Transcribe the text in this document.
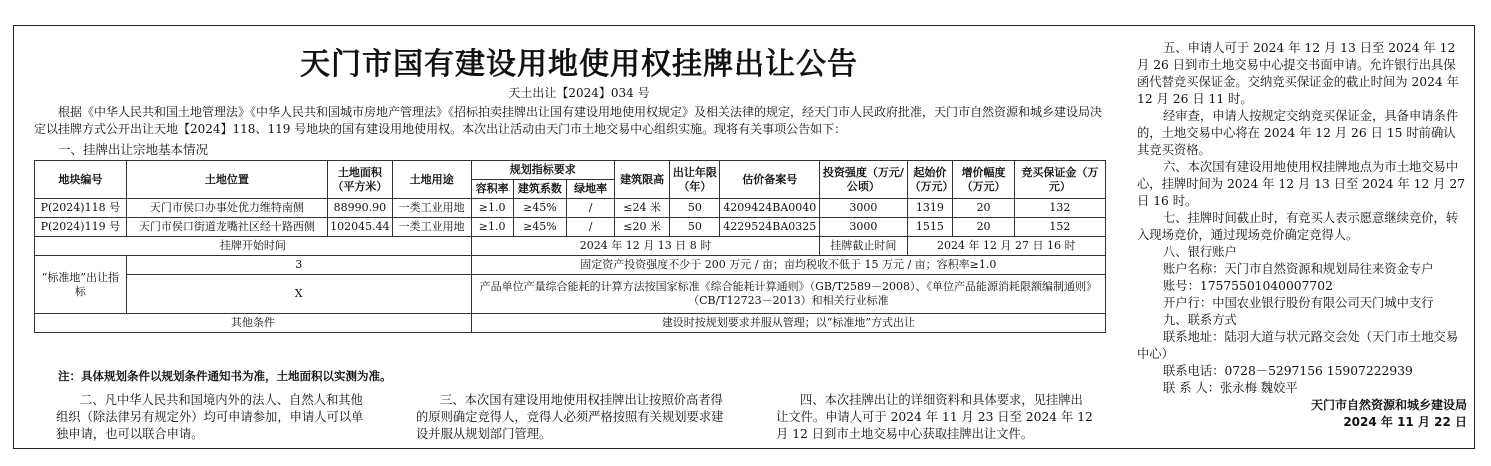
天门市国有建设用地使用权挂牌出让公告
天土出让【2024】034 号

根据《中华人民共和国土地管理法》《中华人民共和国城市房地产管理法》《招标拍卖挂牌出让国有建设用地使用权规定》及相关法律的规定，经天门市人民政府批准，天门市自然资源和城乡建设局决定以挂牌方式公开出让天地【2024】118、119 号地块的国有建设用地使用权。本次出让活动由天门市土地交易中心组织实施。现将有关事项公告如下：

一、挂牌出让宗地基本情况
地块编号	土地位置	土地面积（平方米）	土地用途	规划指标要求			建筑限高	出让年限（年）	估价备案号	投资强度（万元/公顷）	起始价（万元）	增价幅度（万元）	竞买保证金（万元）
				容积率	建筑系数	绿地率							
P(2024)118 号	天门市侯口办事处优力维特南侧	88990.90	一类工业用地	≥1.0	≥45%	/	≤24 米	50	4209424BA0040	3000	1319	20	132
P(2024)119 号	天门市侯口街道龙嘴社区经十路西侧	102045.44	一类工业用地	≥1.0	≥45%	/	≤20 米	50	4229524BA0325	3000	1515	20	152
挂牌开始时间				2024 年 12 月 13 日 8 时						挂牌截止时间	2024 年 12 月 27 日 16 时		
“标准地”出让指标	3			固定资产投资强度不少于 200 万元 / 亩；亩均税收不低于 15 万元 / 亩；容积率≥1.0									
	X			产品单位产量综合能耗的计算方法按国家标准《综合能耗计算通则》（GB/T2589－2008）、《单位产品能源消耗限额编制通则》（CB/T12723－2013）和相关行业标准									
其他条件				建设时按规划要求并服从管理；以“标准地”方式出让									
注：具体规划条件以规划条件通知书为准，土地面积以实测为准。

二、凡中华人民共和国境内外的法人、自然人和其他组织（除法律另有规定外）均可申请参加，申请人可以单独申请，也可以联合申请。

三、本次国有建设用地使用权挂牌出让按照价高者得的原则确定竞得人，竞得人必须严格按照有关规划要求建设并服从规划部门管理。

四、本次挂牌出让的详细资料和具体要求，见挂牌出让文件。申请人可于 2024 年 11 月 23 日至 2024 年 12 月 12 日到市土地交易中心获取挂牌出让文件。

五、申请人可于 2024 年 12 月 13 日至 2024 年 12 月 26 日到市土地交易中心提交书面申请。允许银行出具保函代替竞买保证金。交纳竞买保证金的截止时间为 2024 年 12 月 26 日 11 时。

经审查，申请人按规定交纳竞买保证金，具备申请条件的，土地交易中心将在 2024 年 12 月 26 日 15 时前确认其竞买资格。

六、本次国有建设用地使用权挂牌地点为市土地交易中心，挂牌时间为 2024 年 12 月 13 日至 2024 年 12 月 27 日 16 时。

七、挂牌时间截止时，有竞买人表示愿意继续竞价，转入现场竞价，通过现场竞价确定竞得人。

八、银行账户

账户名称：天门市自然资源和规划局往来资金专户

账号：17575501040007702

开户行：中国农业银行股份有限公司天门城中支行

九、联系方式

联系地址：陆羽大道与状元路交会处（天门市土地交易中心）

联系电话：0728－5297156 15907222939

联 系 人：张永梅 魏姣平

天门市自然资源和城乡建设局

2024 年 11 月 22 日
